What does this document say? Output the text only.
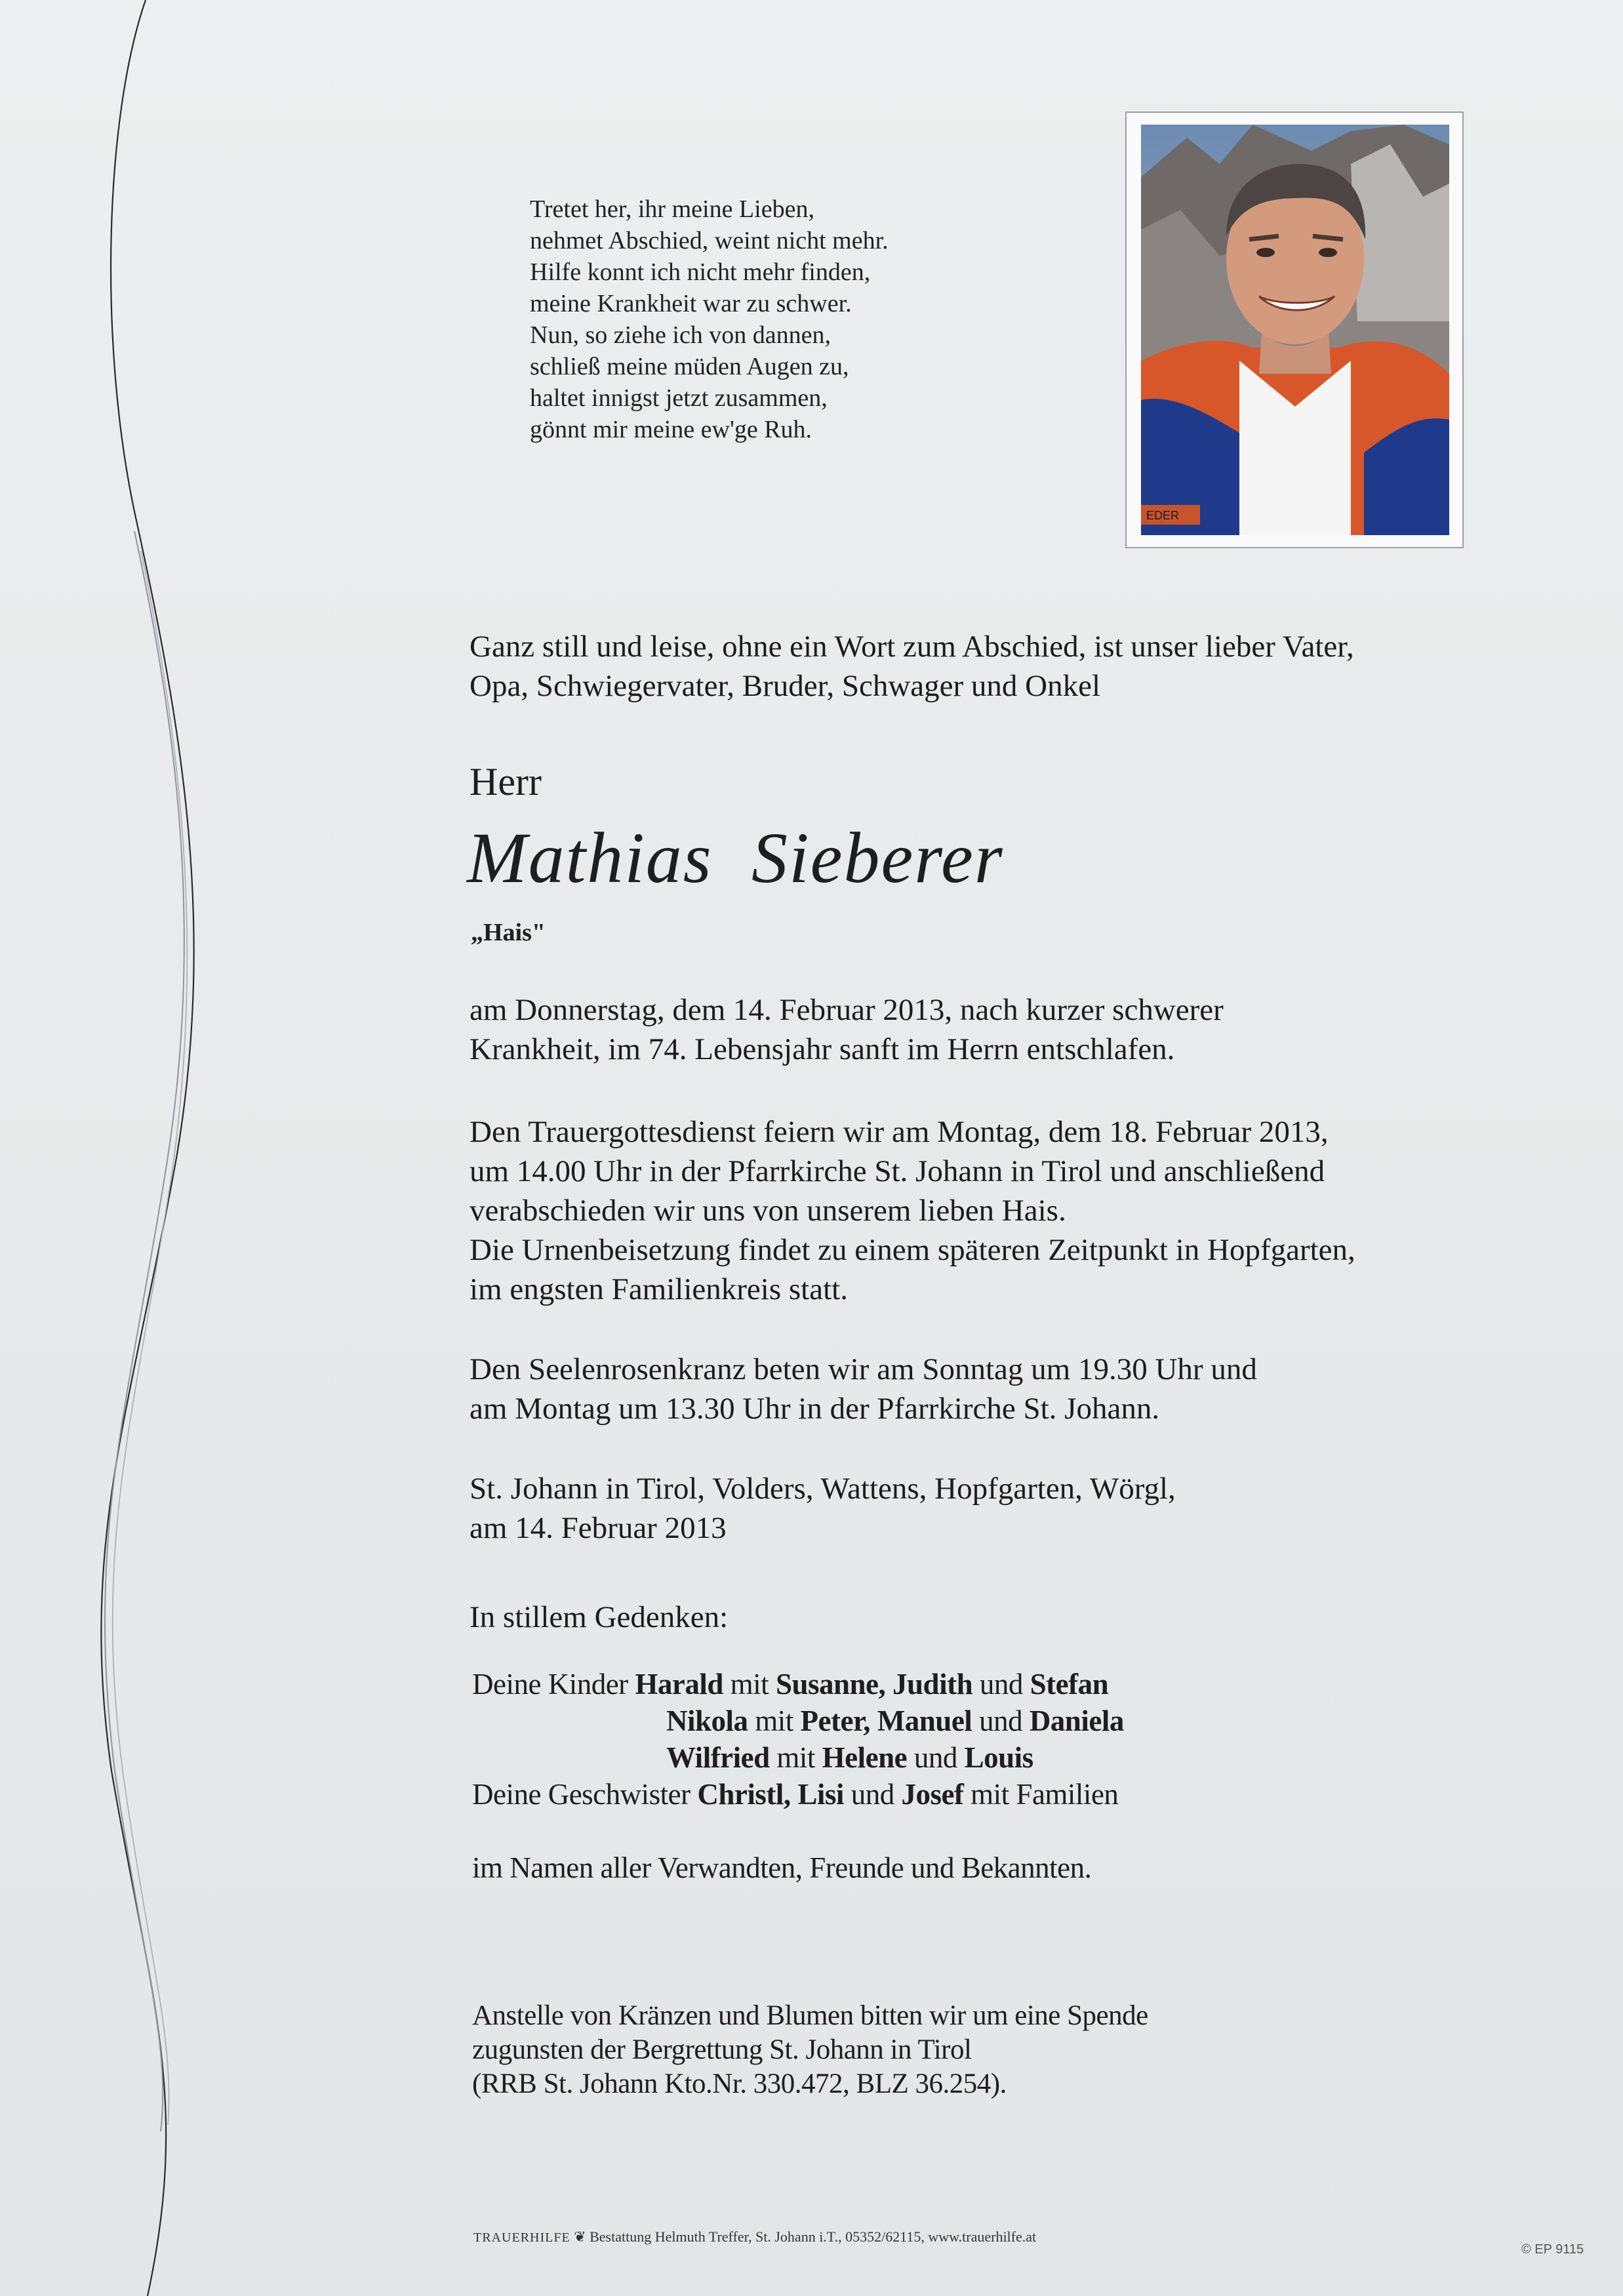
Tretet her, ihr meine Lieben,
nehmet Abschied, weint nicht mehr.
Hilfe konnt ich nicht mehr finden,
meine Krankheit war zu schwer.
Nun, so ziehe ich von dannen,
schließ meine müden Augen zu,
haltet innigst jetzt zusammen,
gönnt mir meine ew'ge Ruh.
EDER
Ganz still und leise, ohne ein Wort zum Abschied, ist unser lieber Vater,
Opa, Schwiegervater, Bruder, Schwager und Onkel
Herr
Mathias Sieberer
„Hais"
am Donnerstag, dem 14. Februar 2013, nach kurzer schwerer
Krankheit, im 74. Lebensjahr sanft im Herrn entschlafen.
Den Trauergottesdienst feiern wir am Montag, dem 18. Februar 2013,
um 14.00 Uhr in der Pfarrkirche St. Johann in Tirol und anschließend
verabschieden wir uns von unserem lieben Hais.
Die Urnenbeisetzung findet zu einem späteren Zeitpunkt in Hopfgarten,
im engsten Familienkreis statt.
Den Seelenrosenkranz beten wir am Sonntag um 19.30 Uhr und
am Montag um 13.30 Uhr in der Pfarrkirche St. Johann.
St. Johann in Tirol, Volders, Wattens, Hopfgarten, Wörgl,
am 14. Februar 2013
In stillem Gedenken:
Deine Kinder Harald mit Susanne, Judith und Stefan
Nikola mit Peter, Manuel und Daniela
Wilfried mit Helene und Louis
Deine Geschwister Christl, Lisi und Josef mit Familien
im Namen aller Verwandten, Freunde und Bekannten.
Anstelle von Kränzen und Blumen bitten wir um eine Spende
zugunsten der Bergrettung St. Johann in Tirol
(RRB St. Johann Kto.Nr. 330.472, BLZ 36.254).
TRAUERHILFE ❦ Bestattung Helmuth Treffer, St. Johann i.T., 05352/62115, www.trauerhilfe.at
© EP 9115
